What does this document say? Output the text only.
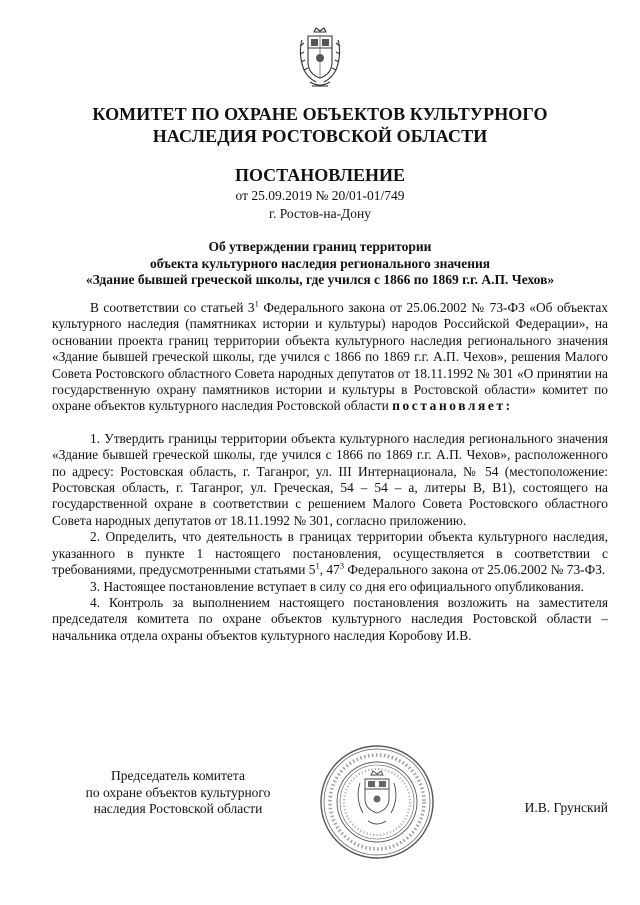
КОМИТЕТ ПО ОХРАНЕ ОБЪЕКТОВ КУЛЬТУРНОГО
НАСЛЕДИЯ РОСТОВСКОЙ ОБЛАСТИ
ПОСТАНОВЛЕНИЕ
от 25.09.2019 № 20/01-01/749
г. Ростов-на-Дону
Об утверждении границ территории
объекта культурного наследия регионального значения
«Здание бывшей греческой школы, где учился с 1866 по 1869 г.г. А.П. Чехов»

В соответствии со статьей $3^1$ Федерального закона от 25.06.2002 № 73-ФЗ «Об объектах культурного наследия (памятниках истории и культуры) народов Российской Федерации», на основании проекта границ территории объекта культурного наследия регионального значения «Здание бывшей греческой школы, где учился с 1866 по 1869 г.г. А.П. Чехов», решения Малого Совета Ростовского областного Совета народных депутатов от 18.11.1992 № 301 «О принятии на государственную охрану памятников истории и культуры в Ростовской области» комитет по охране объектов культурного наследия Ростовской области постановляет:

1. Утвердить границы территории объекта культурного наследия регионального значения «Здание бывшей греческой школы, где учился с 1866 по 1869 г.г. А.П. Чехов», расположенного по адресу: Ростовская область, г. Таганрог, ул. III Интернационала, № 54 (местоположение: Ростовская область, г. Таганрог, ул. Греческая, 54 – 54 – а, литеры В, В1), состоящего на государственной охране в соответствии с решением Малого Совета Ростовского областного Совета народных депутатов от 18.11.1992 № 301, согласно приложению.

2. Определить, что деятельность в границах территории объекта культурного наследия, указанного в пункте 1 настоящего постановления, осуществляется в соответствии с требованиями, предусмотренными статьями $5^1$, $47^3$ Федерального закона от 25.06.2002 № 73-ФЗ.

3. Настоящее постановление вступает в силу со дня его официального опубликования.

4. Контроль за выполнением настоящего постановления возложить на заместителя председателя комитета по охране объектов культурного наследия Ростовской области – начальника отдела охраны объектов культурного наследия Коробову И.В.

Председатель комитета
по охране объектов культурного
наследия Ростовской области	И.В. Грунский
